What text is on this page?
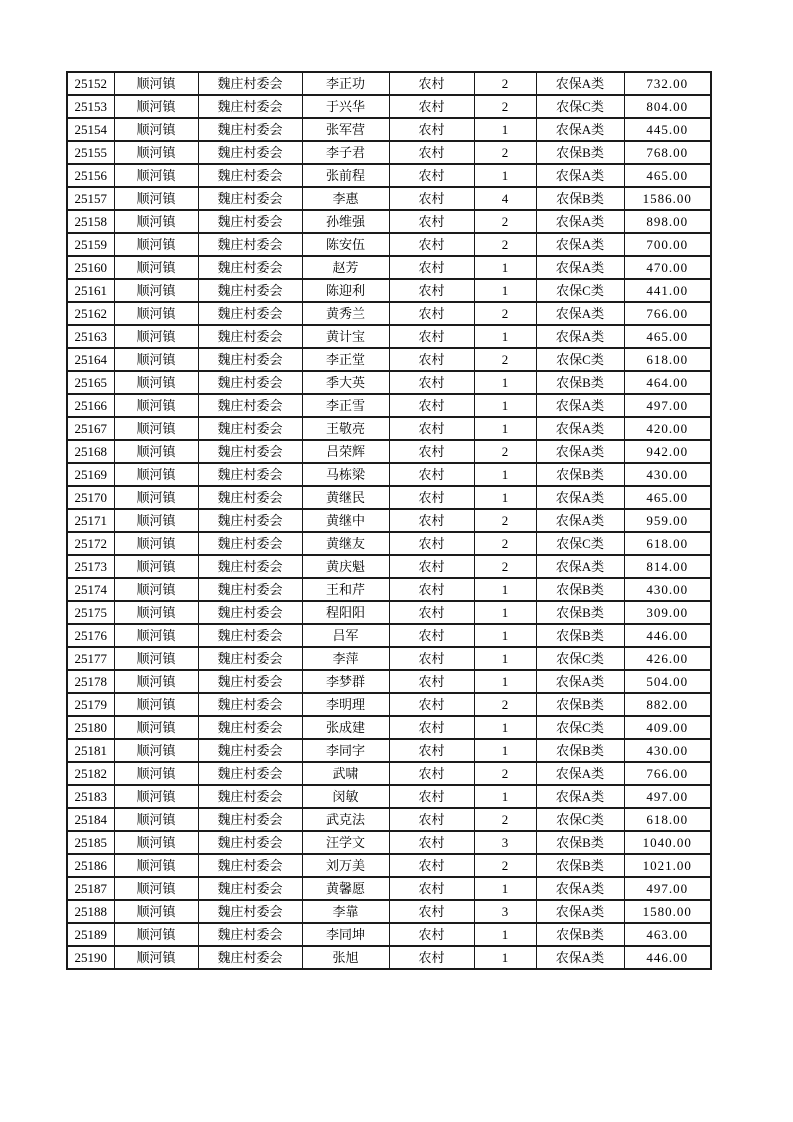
25152	顺河镇	魏庄村委会	李正功	农村	2	农保A类	732.00
25153	顺河镇	魏庄村委会	于兴华	农村	2	农保C类	804.00
25154	顺河镇	魏庄村委会	张军营	农村	1	农保A类	445.00
25155	顺河镇	魏庄村委会	李子君	农村	2	农保B类	768.00
25156	顺河镇	魏庄村委会	张前程	农村	1	农保A类	465.00
25157	顺河镇	魏庄村委会	李惠	农村	4	农保B类	1586.00
25158	顺河镇	魏庄村委会	孙维强	农村	2	农保A类	898.00
25159	顺河镇	魏庄村委会	陈安伍	农村	2	农保A类	700.00
25160	顺河镇	魏庄村委会	赵芳	农村	1	农保A类	470.00
25161	顺河镇	魏庄村委会	陈迎利	农村	1	农保C类	441.00
25162	顺河镇	魏庄村委会	黄秀兰	农村	2	农保A类	766.00
25163	顺河镇	魏庄村委会	黄计宝	农村	1	农保A类	465.00
25164	顺河镇	魏庄村委会	李正堂	农村	2	农保C类	618.00
25165	顺河镇	魏庄村委会	季大英	农村	1	农保B类	464.00
25166	顺河镇	魏庄村委会	李正雪	农村	1	农保A类	497.00
25167	顺河镇	魏庄村委会	王敬亮	农村	1	农保A类	420.00
25168	顺河镇	魏庄村委会	吕荣辉	农村	2	农保A类	942.00
25169	顺河镇	魏庄村委会	马栋梁	农村	1	农保B类	430.00
25170	顺河镇	魏庄村委会	黄继民	农村	1	农保A类	465.00
25171	顺河镇	魏庄村委会	黄继中	农村	2	农保A类	959.00
25172	顺河镇	魏庄村委会	黄继友	农村	2	农保C类	618.00
25173	顺河镇	魏庄村委会	黄庆魁	农村	2	农保A类	814.00
25174	顺河镇	魏庄村委会	王和芹	农村	1	农保B类	430.00
25175	顺河镇	魏庄村委会	程阳阳	农村	1	农保B类	309.00
25176	顺河镇	魏庄村委会	吕军	农村	1	农保B类	446.00
25177	顺河镇	魏庄村委会	李萍	农村	1	农保C类	426.00
25178	顺河镇	魏庄村委会	李梦群	农村	1	农保A类	504.00
25179	顺河镇	魏庄村委会	李明理	农村	2	农保B类	882.00
25180	顺河镇	魏庄村委会	张成建	农村	1	农保C类	409.00
25181	顺河镇	魏庄村委会	李同字	农村	1	农保B类	430.00
25182	顺河镇	魏庄村委会	武啸	农村	2	农保A类	766.00
25183	顺河镇	魏庄村委会	闵敏	农村	1	农保A类	497.00
25184	顺河镇	魏庄村委会	武克法	农村	2	农保C类	618.00
25185	顺河镇	魏庄村委会	汪学文	农村	3	农保B类	1040.00
25186	顺河镇	魏庄村委会	刘万美	农村	2	农保B类	1021.00
25187	顺河镇	魏庄村委会	黄馨愿	农村	1	农保A类	497.00
25188	顺河镇	魏庄村委会	李靠	农村	3	农保A类	1580.00
25189	顺河镇	魏庄村委会	李同坤	农村	1	农保B类	463.00
25190	顺河镇	魏庄村委会	张旭	农村	1	农保A类	446.00
